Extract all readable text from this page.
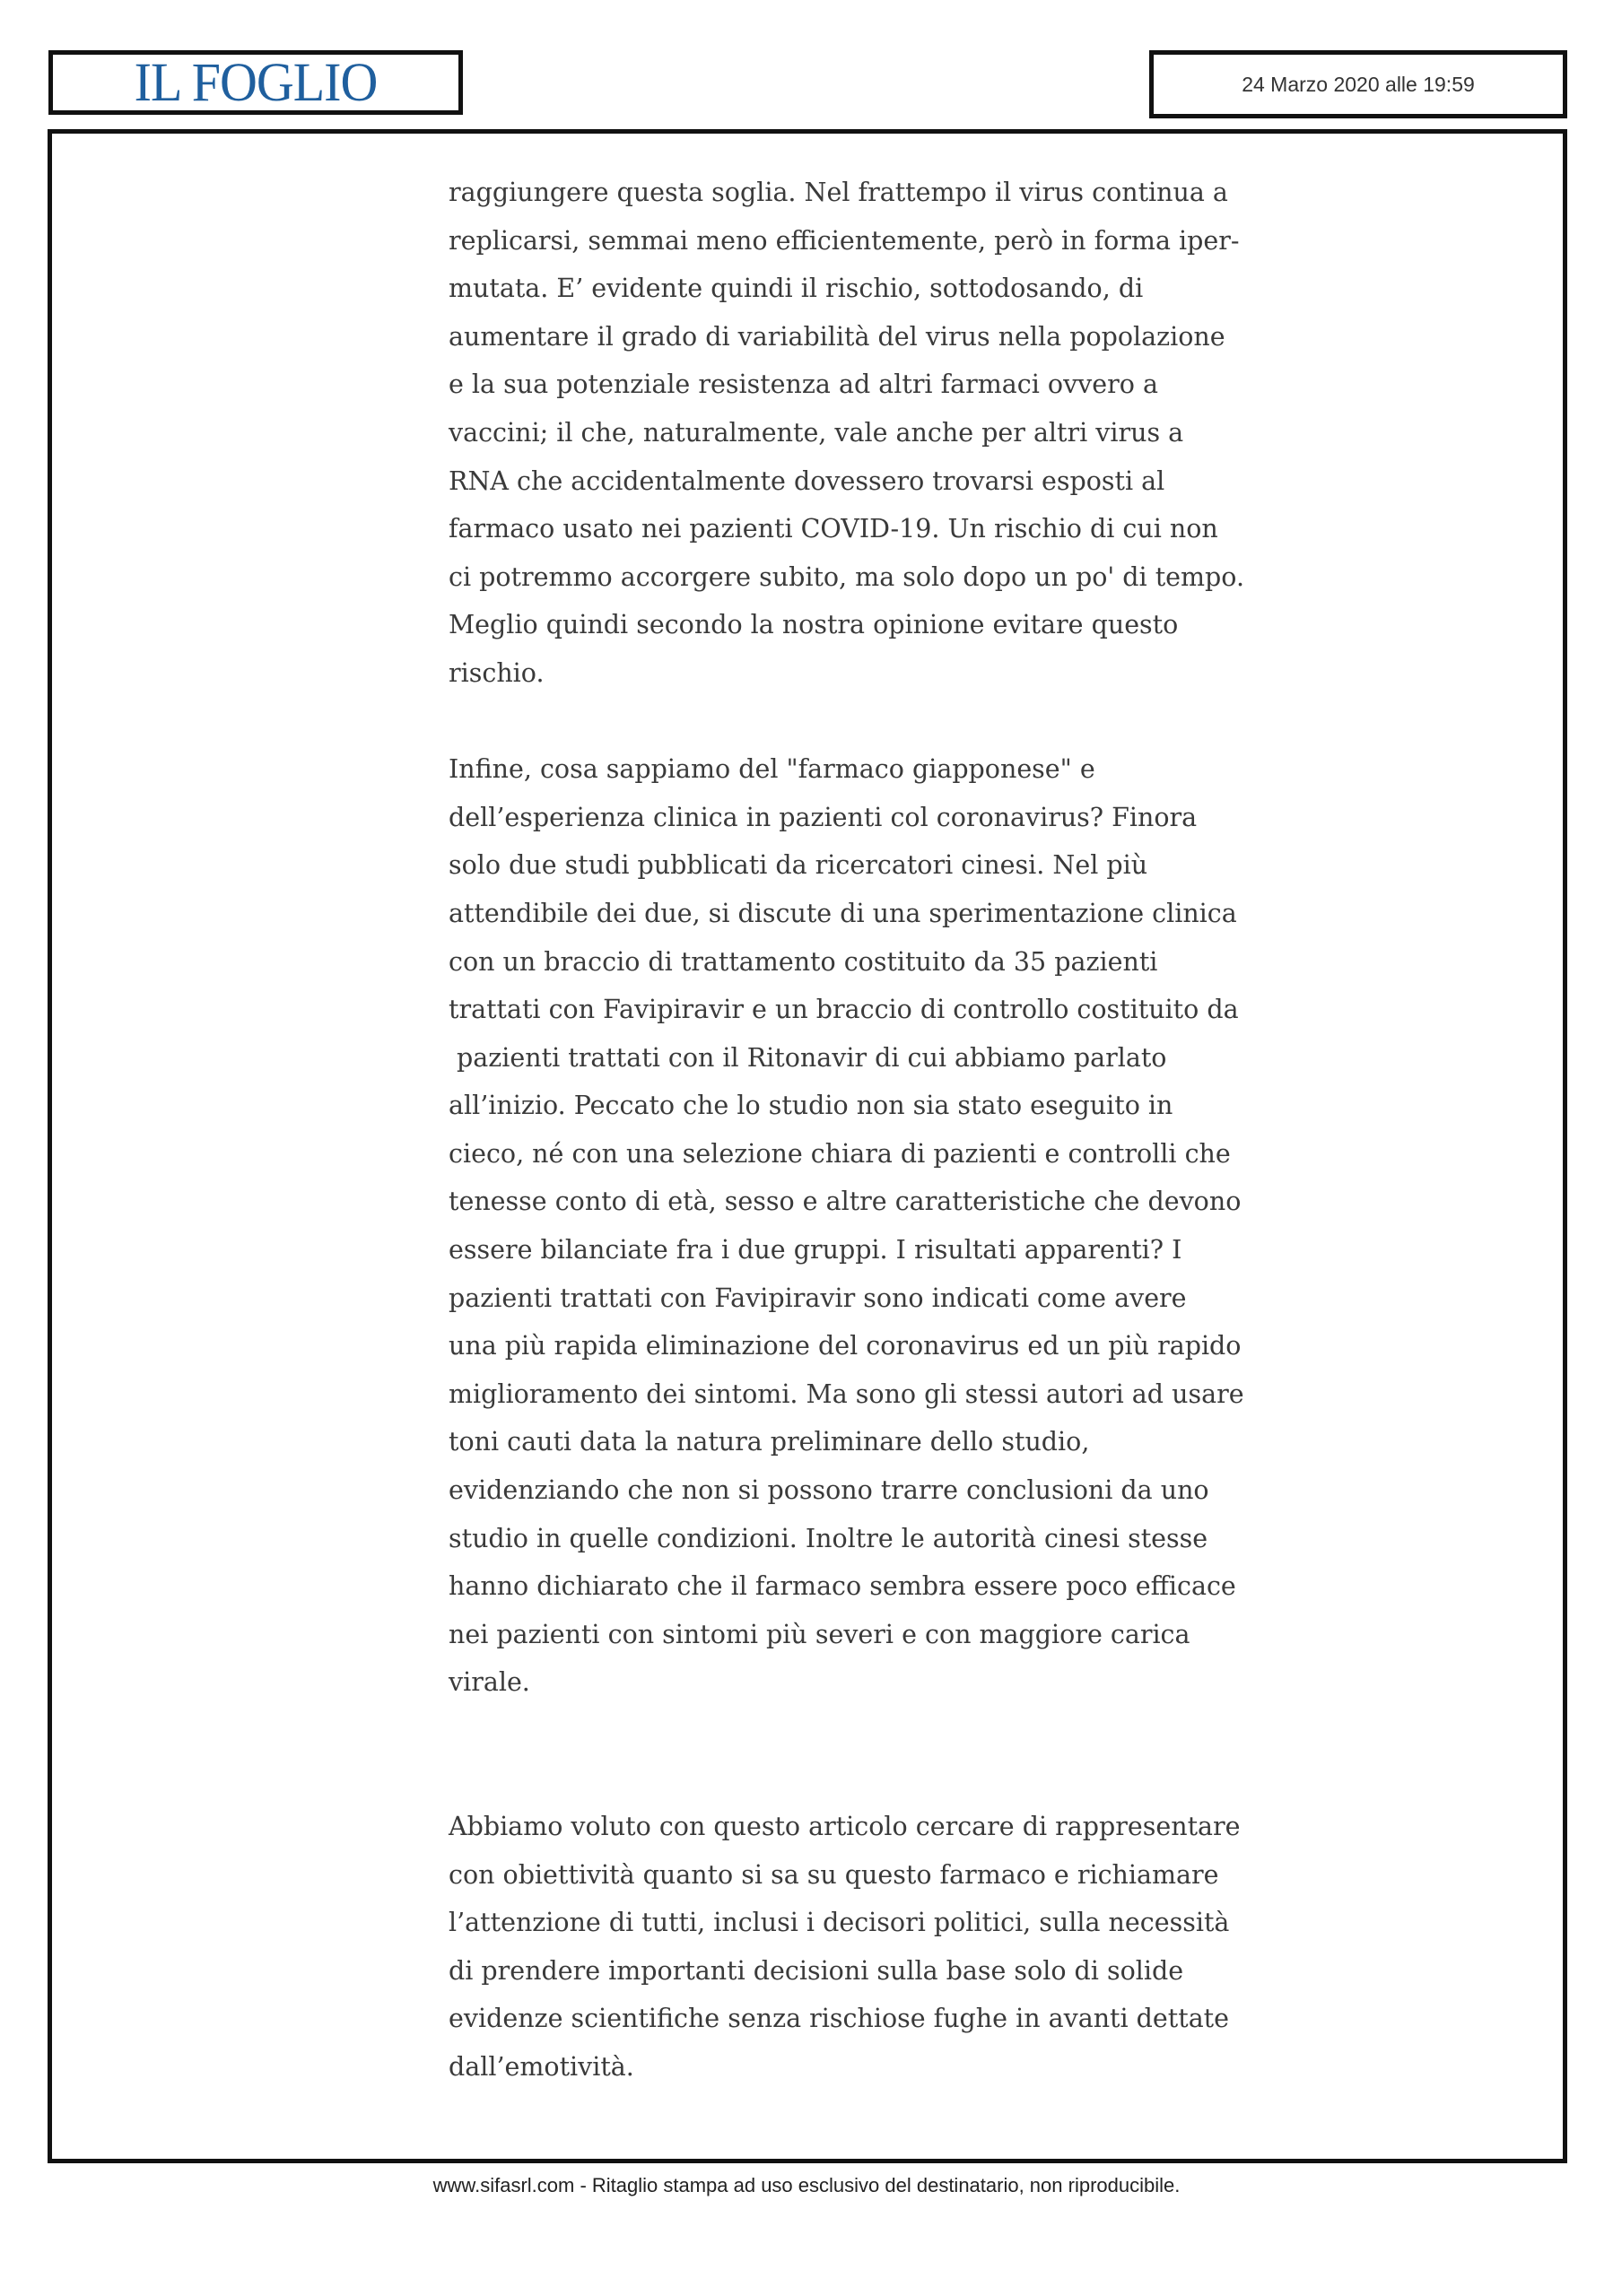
IL FOGLIO	24 Marzo 2020 alle 19:59
raggiungere questa soglia. Nel frattempo il virus continua a
replicarsi, semmai meno efficientemente, però in forma iper-
mutata. E’ evidente quindi il rischio, sottodosando, di
aumentare il grado di variabilità del virus nella popolazione
e la sua potenziale resistenza ad altri farmaci ovvero a
vaccini; il che, naturalmente, vale anche per altri virus a
RNA che accidentalmente dovessero trovarsi esposti al
farmaco usato nei pazienti COVID-19. Un rischio di cui non
ci potremmo accorgere subito, ma solo dopo un po' di tempo.
Meglio quindi secondo la nostra opinione evitare questo
rischio.
Infine, cosa sappiamo del "farmaco giapponese" e
dell’esperienza clinica in pazienti col coronavirus? Finora
solo due studi pubblicati da ricercatori cinesi. Nel più
attendibile dei due, si discute di una sperimentazione clinica
con un braccio di trattamento costituito da 35 pazienti
trattati con Favipiravir e un braccio di controllo costituito da
pazienti trattati con il Ritonavir di cui abbiamo parlato
all’inizio. Peccato che lo studio non sia stato eseguito in
cieco, né con una selezione chiara di pazienti e controlli che
tenesse conto di età, sesso e altre caratteristiche che devono
essere bilanciate fra i due gruppi. I risultati apparenti? I
pazienti trattati con Favipiravir sono indicati come avere
una più rapida eliminazione del coronavirus ed un più rapido
miglioramento dei sintomi. Ma sono gli stessi autori ad usare
toni cauti data la natura preliminare dello studio,
evidenziando che non si possono trarre conclusioni da uno
studio in quelle condizioni. Inoltre le autorità cinesi stesse
hanno dichiarato che il farmaco sembra essere poco efficace
nei pazienti con sintomi più severi e con maggiore carica
virale.
Abbiamo voluto con questo articolo cercare di rappresentare
con obiettività quanto si sa su questo farmaco e richiamare
l’attenzione di tutti, inclusi i decisori politici, sulla necessità
di prendere importanti decisioni sulla base solo di solide
evidenze scientifiche senza rischiose fughe in avanti dettate
dall’emotività.
www.sifasrl.com - Ritaglio stampa ad uso esclusivo del destinatario, non riproducibile.
